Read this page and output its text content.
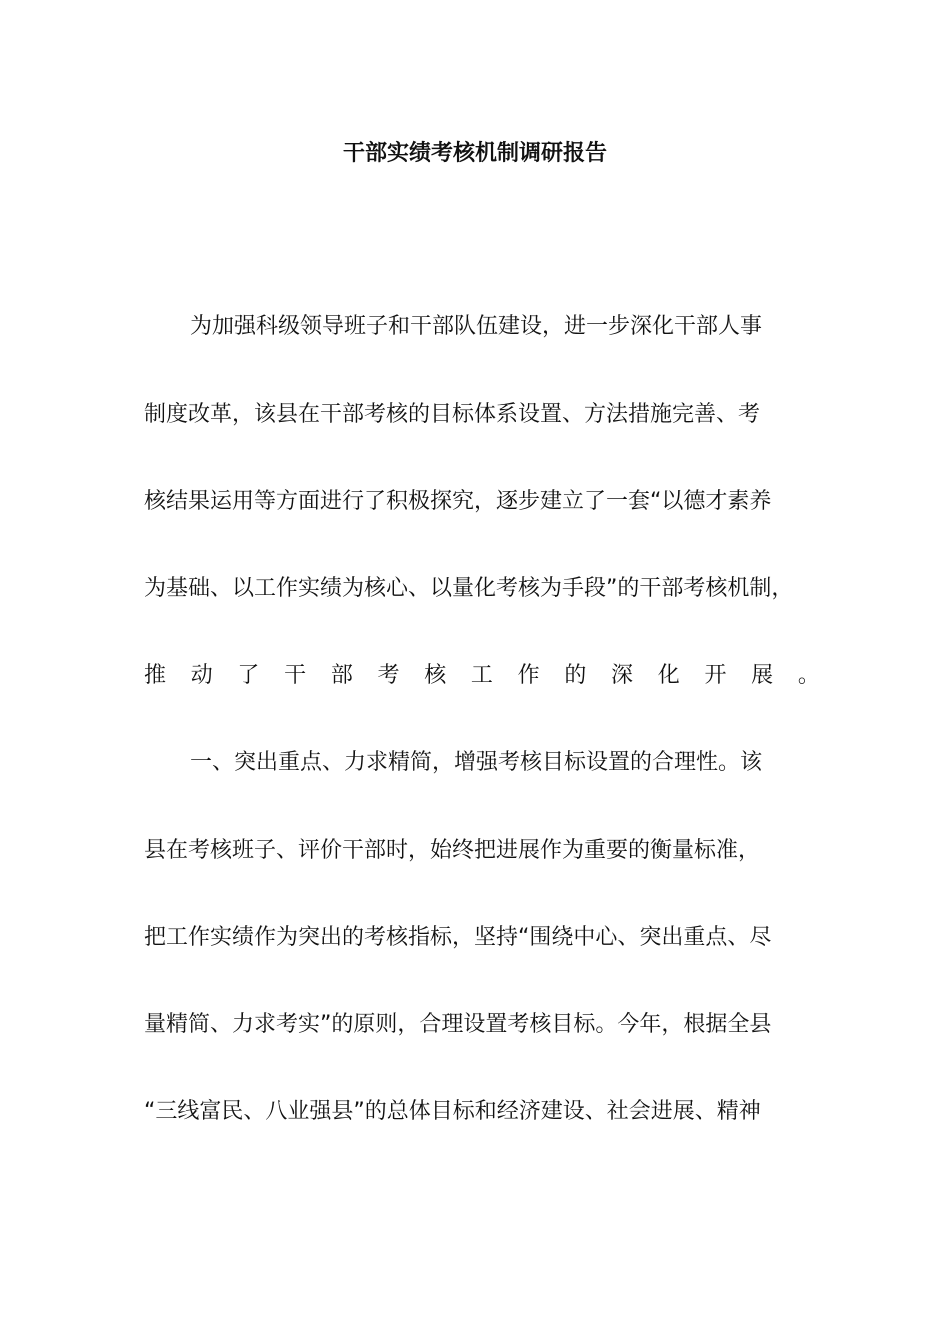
干部实绩考核机制调研报告
为加强科级领导班子和干部队伍建设，进一步深化干部人事
制度改革，该县在干部考核的目标体系设置、方法措施完善、考
核结果运用等方面进行了积极探究，逐步建立了一套“以德才素养
为基础、以工作实绩为核心、以量化考核为手段”的干部考核机制，
推 动 了 干 部 考 核 工 作 的 深 化 开 展 。
一、突出重点、力求精简，增强考核目标设置的合理性。该
县在考核班子、评价干部时，始终把进展作为重要的衡量标准，
把工作实绩作为突出的考核指标，坚持“围绕中心、突出重点、尽
量精简、力求考实”的原则，合理设置考核目标。今年，根据全县
“三线富民、八业强县”的总体目标和经济建设、社会进展、精神
